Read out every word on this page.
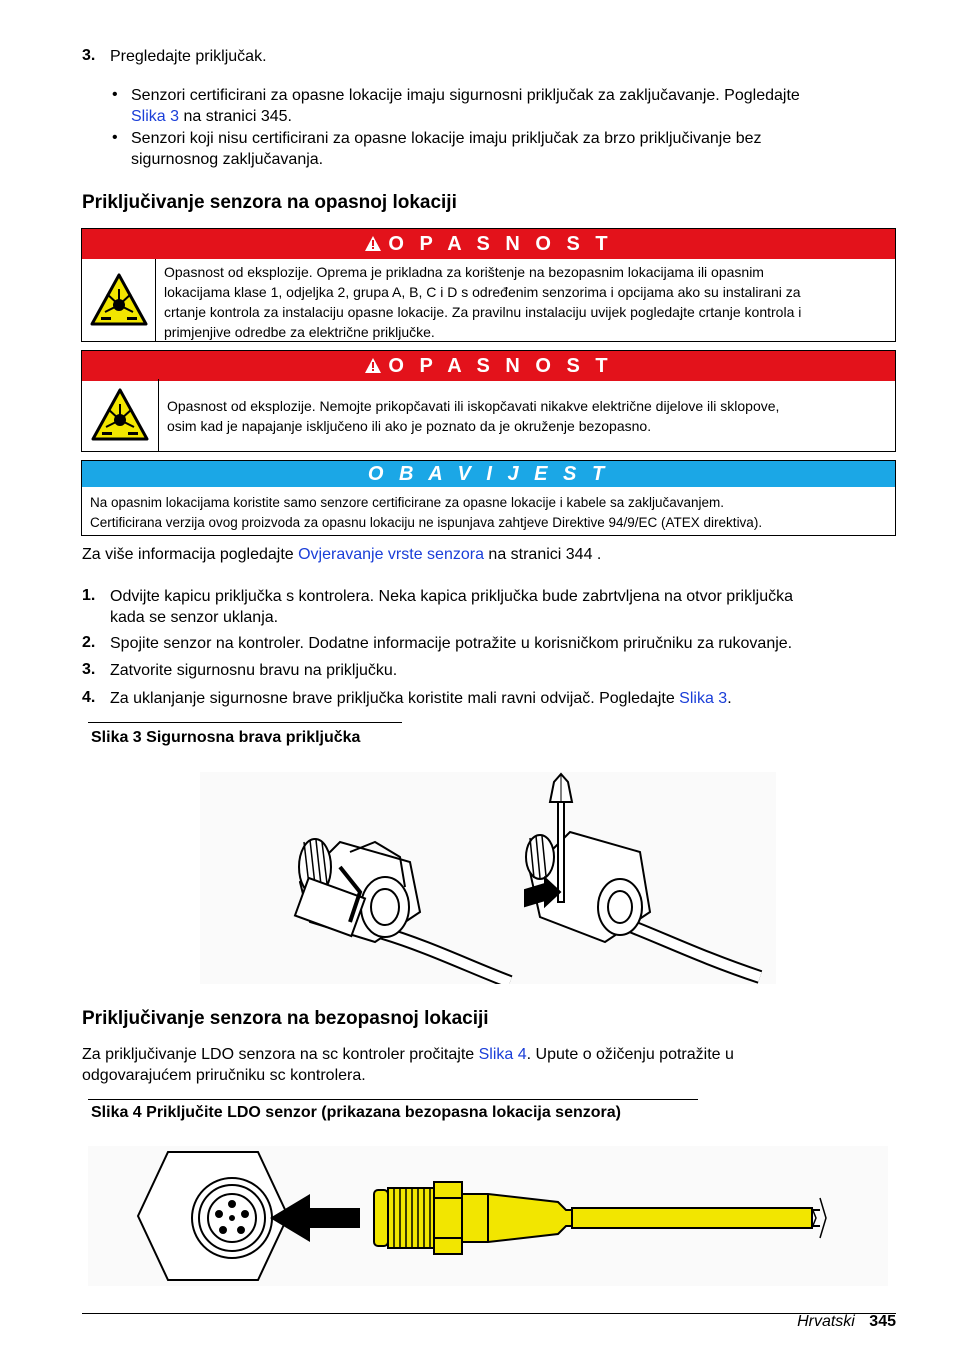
3. Pregledajte priključak.
• Senzori certificirani za opasne lokacije imaju sigurnosni priključak za zaključavanje. Pogledajte
Slika 3 na stranici 345.
• Senzori koji nisu certificirani za opasne lokacije imaju priključak za brzo priključivanje bez
sigurnosnog zaključavanja.
Priključivanje senzora na opasnoj lokaciji
O P A S N O S T
Opasnost od eksplozije. Oprema je prikladna za korištenje na bezopasnim lokacijama ili opasnim
lokacijama klase 1, odjeljka 2, grupa A, B, C i D s određenim senzorima i opcijama ako su instalirani za
crtanje kontrola za instalaciju opasne lokacije. Za pravilnu instalaciju uvijek pogledajte crtanje kontrola i
primjenjive odredbe za električne priključke.
O P A S N O S T
Opasnost od eksplozije. Nemojte prikopčavati ili iskopčavati nikakve električne dijelove ili sklopove,
osim kad je napajanje isključeno ili ako je poznato da je okruženje bezopasno.
O B A V I J E S T
Na opasnim lokacijama koristite samo senzore certificirane za opasne lokacije i kabele sa zaključavanjem.
Certificirana verzija ovog proizvoda za opasnu lokaciju ne ispunjava zahtjeve Direktive 94/9/EC (ATEX direktiva).
Za više informacija pogledajte Ovjeravanje vrste senzora na stranici 344 .
1. Odvijte kapicu priključka s kontrolera. Neka kapica priključka bude zabrtvljena na otvor priključka
kada se senzor uklanja.
2. Spojite senzor na kontroler. Dodatne informacije potražite u korisničkom priručniku za rukovanje.
3. Zatvorite sigurnosnu bravu na priključku.
4. Za uklanjanje sigurnosne brave priključka koristite mali ravni odvijač. Pogledajte Slika 3.
Slika 3 Sigurnosna brava priključka
Priključivanje senzora na bezopasnoj lokaciji
Za priključivanje LDO senzora na sc kontroler pročitajte Slika 4. Upute o ožičenju potražite u
odgovarajućem priručniku sc kontrolera.
Slika 4 Priključite LDO senzor (prikazana bezopasna lokacija senzora)
Hrvatski 345
